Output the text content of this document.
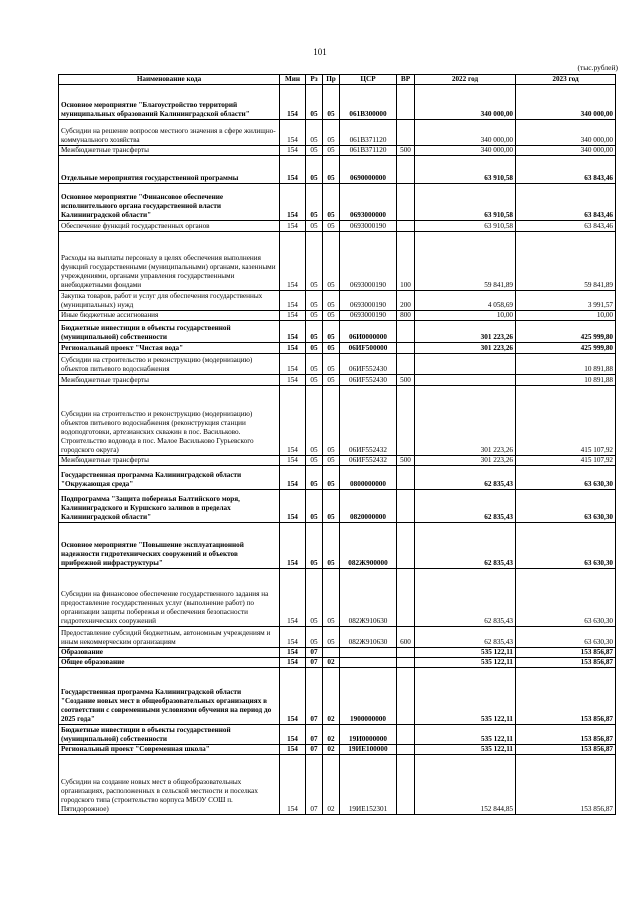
101
(тыс.рублей)
Наименование кода	Мин	Рз	Пр	ЦСР	ВР	2022 год	2023 год
Основное мероприятие "Благоустройство территорий муниципальных образований Калининградской области"	154	05	05	061В300000		340 000,00	340 000,00
Субсидии на решение вопросов местного значения в сфере жилищно-коммунального хозяйства	154	05	05	061В371120		340 000,00	340 000,00
Межбюджетные трансферты	154	05	05	061В371120	500	340 000,00	340 000,00
Отдельные мероприятия государственной программы	154	05	05	0690000000		63 910,58	63 843,46
Основное мероприятие "Финансовое обеспечение исполнительного органа государственной власти Калининградской области"	154	05	05	0693000000		63 910,58	63 843,46
Обеспечение функций государственных органов	154	05	05	0693000190		63 910,58	63 843,46
Расходы на выплаты персоналу в целях обеспечения выполнения функций государственными (муниципальными) органами, казенными учреждениями, органами управления государственными внебюджетными фондами	154	05	05	0693000190	100	59 841,89	59 841,89
Закупка товаров, работ и услуг для обеспечения государственных (муниципальных) нужд	154	05	05	0693000190	200	4 058,69	3 991,57
Иные бюджетные ассигнования	154	05	05	0693000190	800	10,00	10,00
Бюджетные инвестиции в объекты государственной (муниципальной) собственности	154	05	05	06И0000000		301 223,26	425 999,80
Региональный проект "Чистая вода"	154	05	05	06ИF500000		301 223,26	425 999,80
Субсидии на строительство и реконструкцию (модернизацию) объектов питьевого водоснабжения	154	05	05	06ИF552430			10 891,88
Межбюджетные трансферты	154	05	05	06ИF552430	500		10 891,88
Субсидии на строительство и реконструкцию (модернизацию) объектов питьевого водоснабжения (реконструкция станции водоподготовки, артезианских скважин в пос. Васильково. Строительство водовода в пос. Малое Васильково Гурьевского городского округа)	154	05	05	06ИF552432		301 223,26	415 107,92
Межбюджетные трансферты	154	05	05	06ИF552432	500	301 223,26	415 107,92
Государственная программа Калининградской области "Окружающая среда"	154	05	05	0800000000		62 835,43	63 630,30
Подпрограмма "Защита побережья Балтийского моря, Калининградского и Куршского заливов в пределах Калининградской области"	154	05	05	0820000000		62 835,43	63 630,30
Основное мероприятие "Повышение эксплуатационной надежности гидротехнических сооружений и объектов прибрежной инфраструктуры"	154	05	05	082Ж900000		62 835,43	63 630,30
Субсидии на финансовое обеспечение государственного задания на предоставление государственных услуг (выполнение работ) по организации защиты побережья и обеспечения безопасности гидротехнических сооружений	154	05	05	082Ж910630		62 835,43	63 630,30
Предоставление субсидий бюджетным, автономным учреждениям и иным некоммерческим организациям	154	05	05	082Ж910630	600	62 835,43	63 630,30
Образование	154	07				535 122,11	153 856,87
Общее образование	154	07	02			535 122,11	153 856,87
Государственная программа Калининградской области "Создание новых мест в общеобразовательных организациях в соответствии с современными условиями обучения на период до 2025 года"	154	07	02	1900000000		535 122,11	153 856,87
Бюджетные инвестиции в объекты государственной (муниципальной) собственности	154	07	02	19И0000000		535 122,11	153 856,87
Региональный проект "Современная школа"	154	07	02	19ИЕ100000		535 122,11	153 856,87
Субсидии на создание новых мест в общеобразовательных организациях, расположенных в сельской местности и поселках городского типа (строительство корпуса МБОУ СОШ п. Пятидорожное)	154	07	02	19ИЕ152301		152 844,85	153 856,87
